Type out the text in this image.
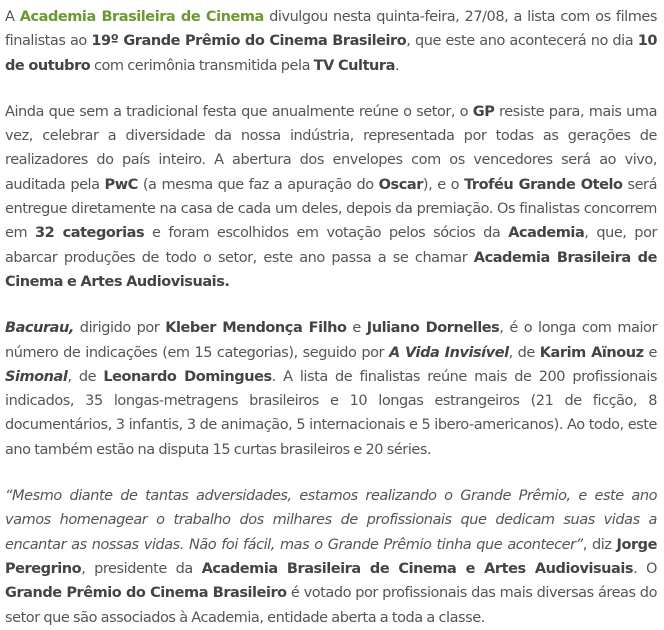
A Academia Brasileira de Cinema divulgou nesta quinta-feira, 27/08, a lista com os filmes finalistas ao 19º Grande Prêmio do Cinema Brasileiro, que este ano acontecerá no dia 10 de outubro com cerimônia transmitida pela TV Cultura.

Ainda que sem a tradicional festa que anualmente reúne o setor, o GP resiste para, mais uma vez, celebrar a diversidade da nossa indústria, representada por todas as gerações de realizadores do país inteiro. A abertura dos envelopes com os vencedores será ao vivo, auditada pela PwC (a mesma que faz a apuração do Oscar), e o Troféu Grande Otelo será entregue diretamente na casa de cada um deles, depois da premiação. Os finalistas concorrem em 32 categorias e foram escolhidos em votação pelos sócios da Academia, que, por abarcar produções de todo o setor, este ano passa a se chamar Academia Brasileira de Cinema e Artes Audiovisuais.

Bacurau, dirigido por Kleber Mendonça Filho e Juliano Dornelles, é o longa com maior número de indicações (em 15 categorias), seguido por A Vida Invisível, de Karim Aïnouz e Simonal, de Leonardo Domingues. A lista de finalistas reúne mais de 200 profissionais indicados, 35 longas-metragens brasileiros e 10 longas estrangeiros (21 de ficção, 8 documentários, 3 infantis, 3 de animação, 5 internacionais e 5 ibero-americanos). Ao todo, este ano também estão na disputa 15 curtas brasileiros e 20 séries.

“Mesmo diante de tantas adversidades, estamos realizando o Grande Prêmio, e este ano vamos homenagear o trabalho dos milhares de profissionais que dedicam suas vidas a encantar as nossas vidas. Não foi fácil, mas o Grande Prêmio tinha que acontecer”, diz Jorge Peregrino, presidente da Academia Brasileira de Cinema e Artes Audiovisuais. O Grande Prêmio do Cinema Brasileiro é votado por profissionais das mais diversas áreas do setor que são associados à Academia, entidade aberta a toda a classe.
